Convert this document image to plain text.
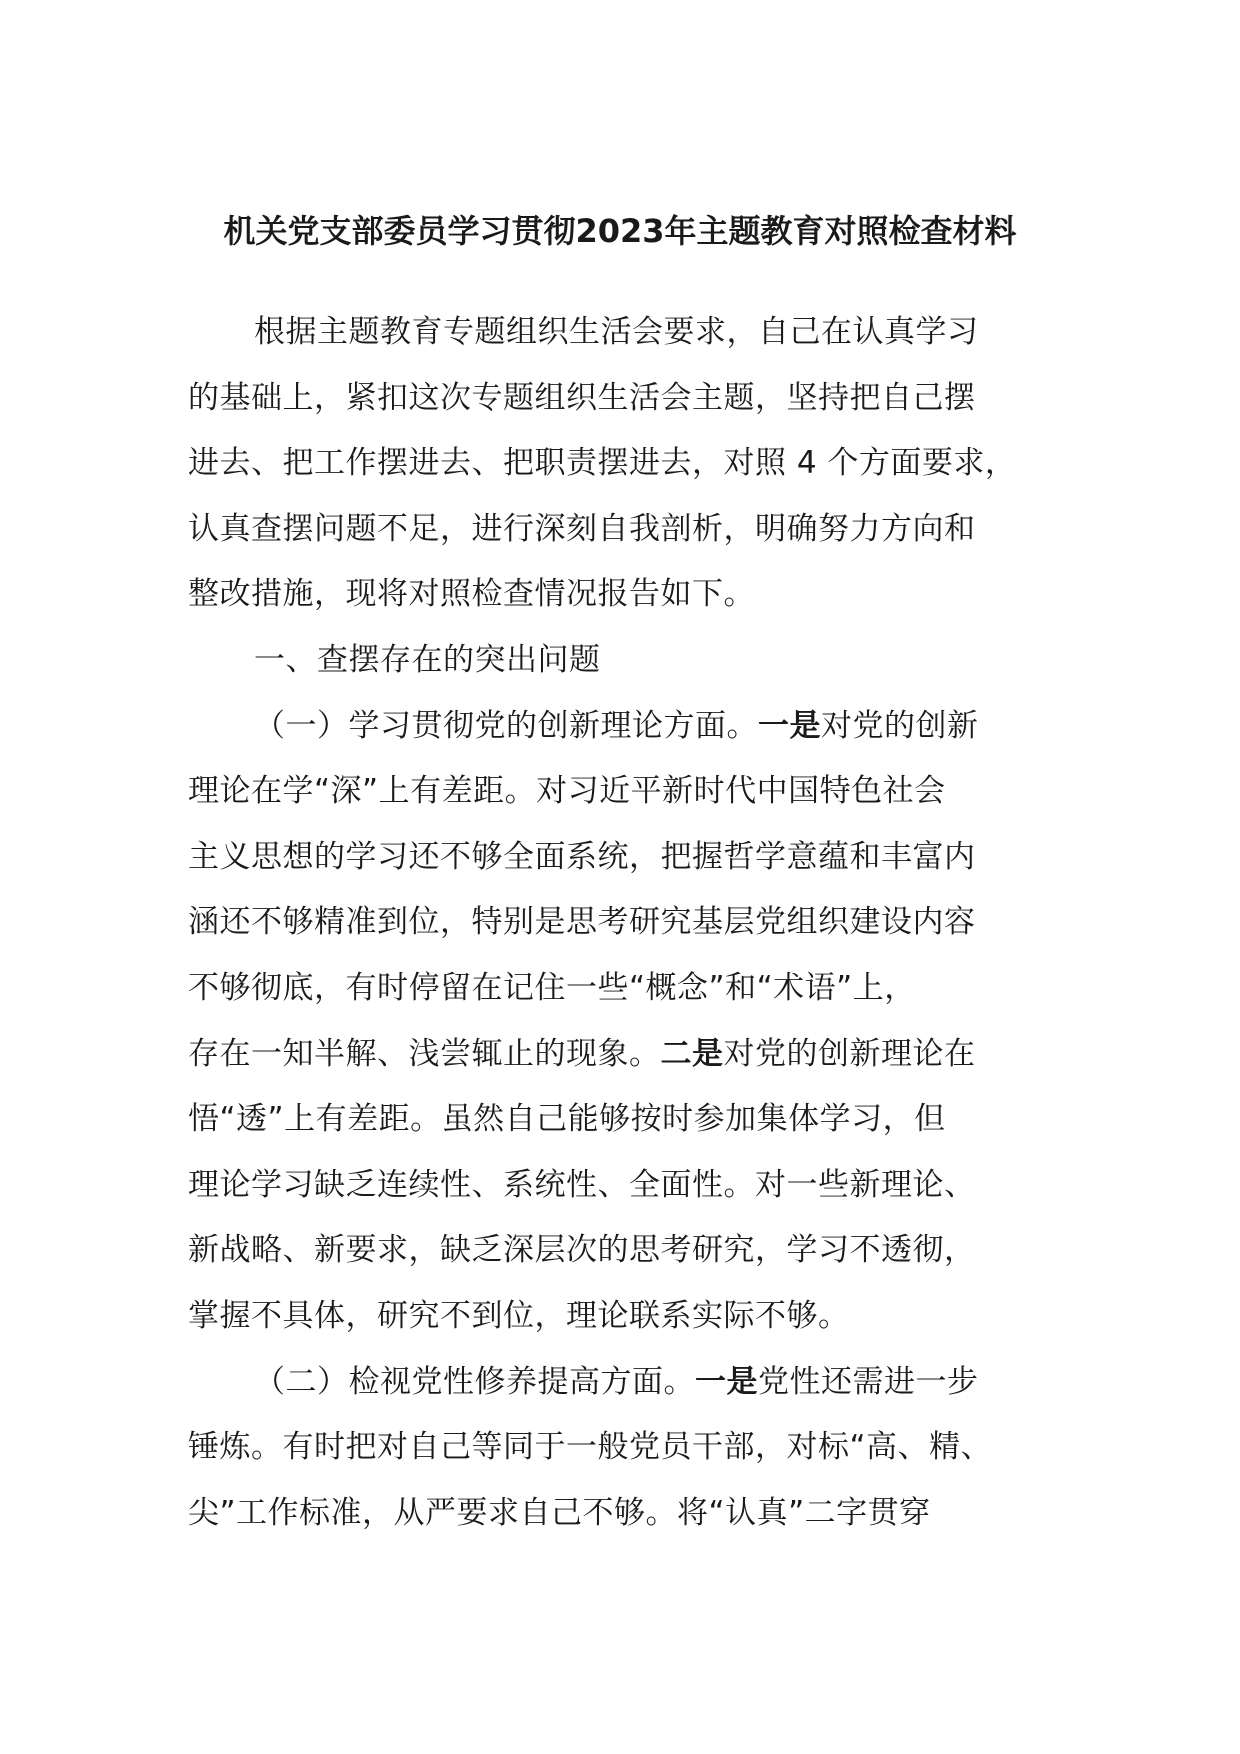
机关党支部委员学习贯彻2023年主题教育对照检查材料

根据主题教育专题组织生活会要求，自己在认真学习
的基础上，紧扣这次专题组织生活会主题，坚持把自己摆
进去、把工作摆进去、把职责摆进去，对照 4 个方面要求，
认真查摆问题不足，进行深刻自我剖析，明确努力方向和
整改措施，现将对照检查情况报告如下。

一、查摆存在的突出问题

（一）学习贯彻党的创新理论方面。一是对党的创新
理论在学“深”上有差距。对习近平新时代中国特色社会
主义思想的学习还不够全面系统，把握哲学意蕴和丰富内
涵还不够精准到位，特别是思考研究基层党组织建设内容
不够彻底，有时停留在记住一些“概念”和“术语”上，
存在一知半解、浅尝辄止的现象。二是对党的创新理论在
悟“透”上有差距。虽然自己能够按时参加集体学习，但
理论学习缺乏连续性、系统性、全面性。对一些新理论、
新战略、新要求，缺乏深层次的思考研究，学习不透彻，
掌握不具体，研究不到位，理论联系实际不够。

（二）检视党性修养提高方面。一是党性还需进一步
锤炼。有时把对自己等同于一般党员干部，对标“高、精、
尖”工作标准，从严要求自己不够。将“认真”二字贯穿
